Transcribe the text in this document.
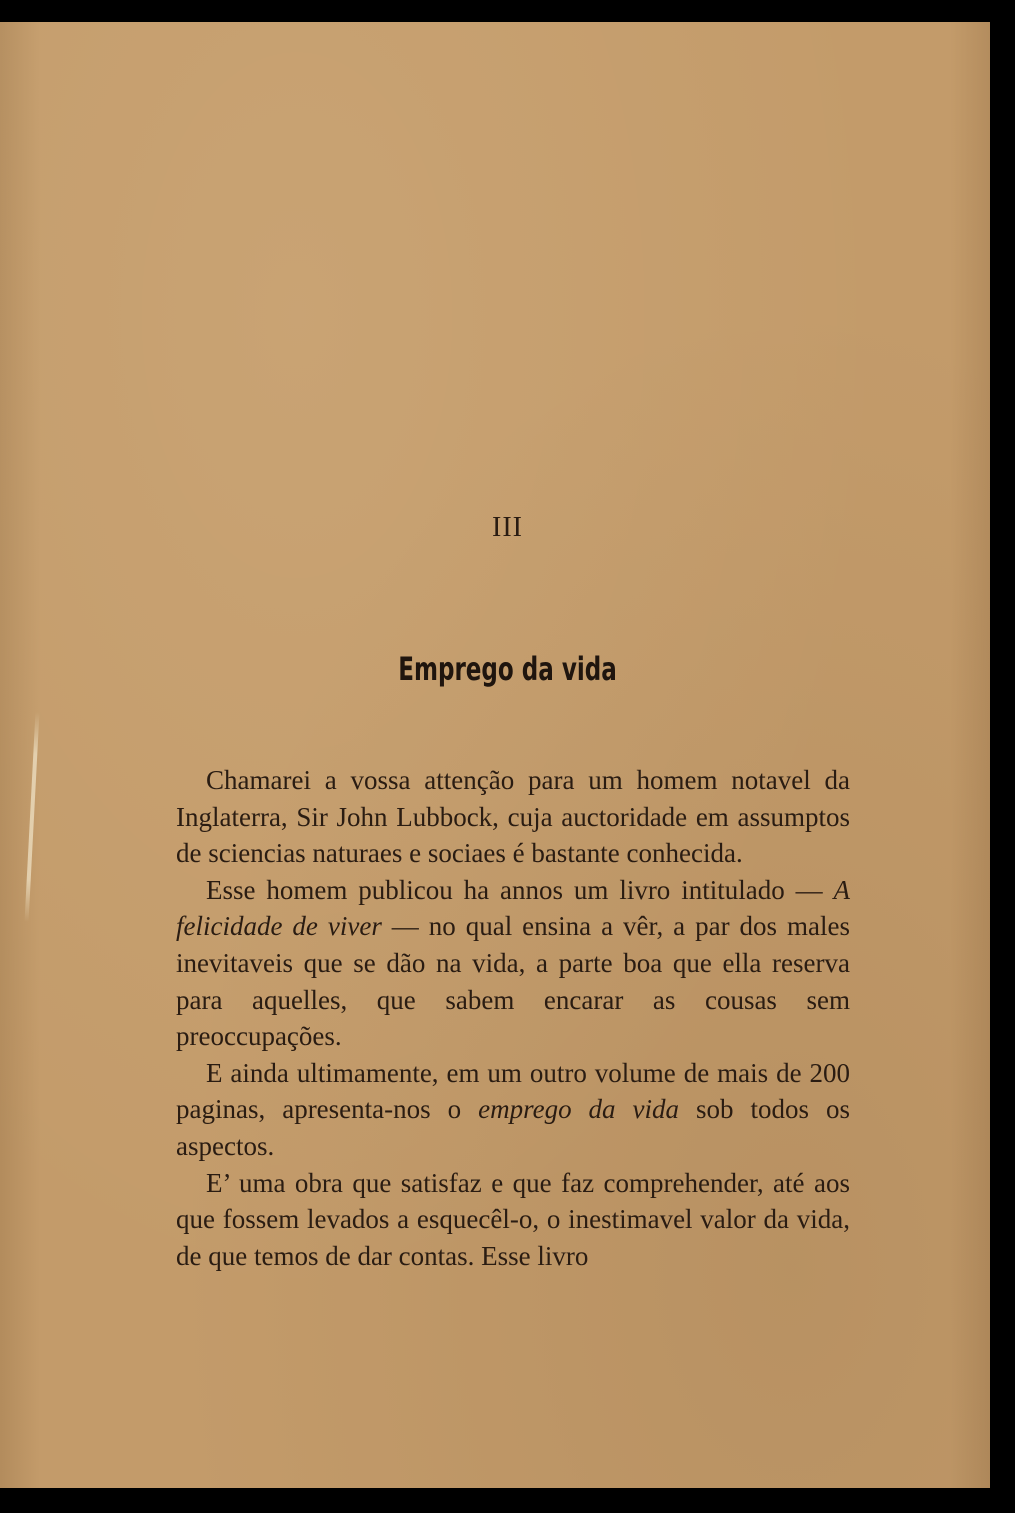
III
Emprego da vida

Chamarei a vossa attenção para um homem notavel da Inglaterra, Sir John Lubbock, cuja auctoridade em assumptos de sciencias naturaes e sociaes é bastante conhecida.

Esse homem publicou ha annos um livro intitulado — A felicidade de viver — no qual ensina a vêr, a par dos males inevitaveis que se dão na vida, a parte boa que ella reserva para aquelles, que sabem encarar as cousas sem preoccupações.

E ainda ultimamente, em um outro volume de mais de 200 paginas, apresenta-nos o emprego da vida sob todos os aspectos.

E’ uma obra que satisfaz e que faz comprehender, até aos que fossem levados a esquecêl-o, o inestimavel valor da vida, de que temos de dar contas. Esse livro
